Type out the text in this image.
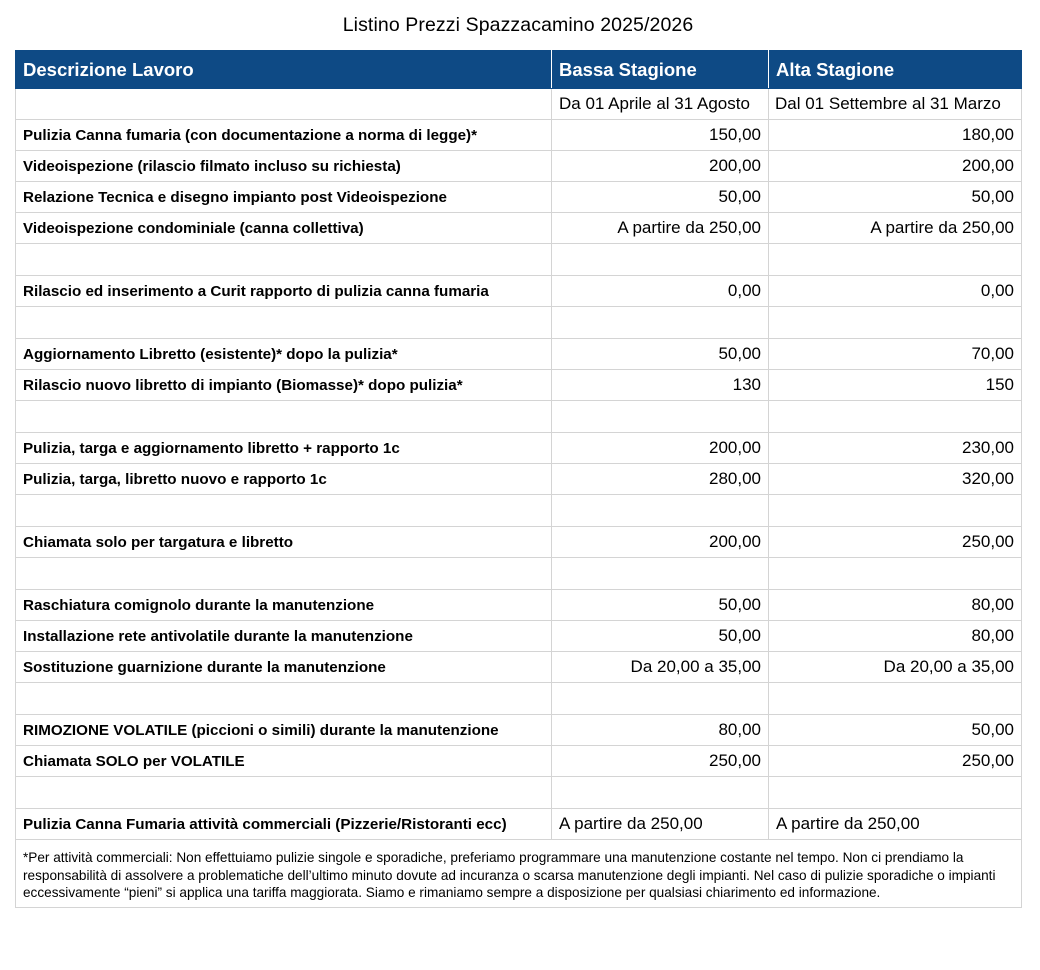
Listino Prezzi Spazzacamino 2025/2026
Descrizione Lavoro	Bassa Stagione	Alta Stagione
	Da 01 Aprile al 31 Agosto	Dal 01 Settembre al 31 Marzo
Pulizia Canna fumaria (con documentazione a norma di legge)*	150,00	180,00
Videoispezione (rilascio filmato incluso su richiesta)	200,00	200,00
Relazione Tecnica e disegno impianto post Videoispezione	50,00	50,00
Videoispezione condominiale (canna collettiva)	A partire da 250,00	A partire da 250,00

Rilascio ed inserimento a Curit rapporto di pulizia canna fumaria	0,00	0,00

Aggiornamento Libretto (esistente)* dopo la pulizia*	50,00	70,00
Rilascio nuovo libretto di impianto (Biomasse)* dopo pulizia*	130	150

Pulizia, targa e aggiornamento libretto + rapporto 1c	200,00	230,00
Pulizia, targa, libretto nuovo e rapporto 1c	280,00	320,00

Chiamata solo per targatura e libretto	200,00	250,00

Raschiatura comignolo durante la manutenzione	50,00	80,00
Installazione rete antivolatile durante la manutenzione	50,00	80,00
Sostituzione guarnizione durante la manutenzione	Da 20,00 a 35,00	Da 20,00 a 35,00

RIMOZIONE VOLATILE (piccioni o simili) durante la manutenzione	80,00	50,00
Chiamata SOLO per VOLATILE	250,00	250,00

Pulizia Canna Fumaria attività commerciali (Pizzerie/Ristoranti ecc)	A partire da 250,00	A partire da 250,00
*Per attività commerciali: Non effettuiamo pulizie singole e sporadiche, preferiamo programmare una manutenzione costante nel tempo. Non ci prendiamo la responsabilità di assolvere a problematiche dell’ultimo minuto dovute ad incuranza o scarsa manutenzione degli impianti. Nel caso di pulizie sporadiche o impianti eccessivamente “pieni” si applica una tariffa maggiorata. Siamo e rimaniamo sempre a disposizione per qualsiasi chiarimento ed informazione.		
